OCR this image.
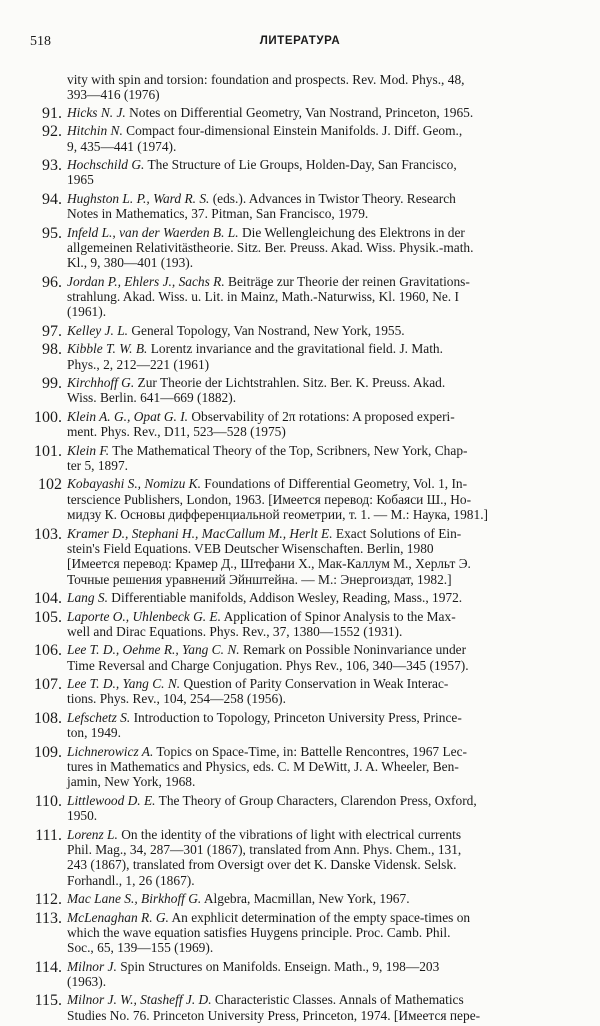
518	ЛИТЕРАТУРА
vity with spin and torsion: foundation and prospects. Rev. Mod. Phys., 48,
393—416 (1976)
91. Hicks N. J. Notes on Differential Geometry, Van Nostrand, Princeton, 1965.
92. Hitchin N. Compact four-dimensional Einstein Manifolds. J. Diff. Geom.,
9, 435—441 (1974).
93. Hochschild G. The Structure of Lie Groups, Holden-Day, San Francisco,
1965
94. Hughston L. P., Ward R. S. (eds.). Advances in Twistor Theory. Research
Notes in Mathematics, 37. Pitman, San Francisco, 1979.
95. Infeld L., van der Waerden B. L. Die Wellengleichung des Elektrons in der
allgemeinen Relativitästheorie. Sitz. Ber. Preuss. Akad. Wiss. Physik.-math.
Kl., 9, 380—401 (193).
96. Jordan P., Ehlers J., Sachs R. Beiträge zur Theorie der reinen Gravitations-
strahlung. Akad. Wiss. u. Lit. in Mainz, Math.-Naturwiss, Kl. 1960, Ne. I
(1961).
97. Kelley J. L. General Topology, Van Nostrand, New York, 1955.
98. Kibble T. W. B. Lorentz invariance and the gravitational field. J. Math.
Phys., 2, 212—221 (1961)
99. Kirchhoff G. Zur Theorie der Lichtstrahlen. Sitz. Ber. K. Preuss. Akad.
Wiss. Berlin. 641—669 (1882).
100. Klein A. G., Opat G. I. Observability of 2π rotations: A proposed experi-
ment. Phys. Rev., D11, 523—528 (1975)
101. Klein F. The Mathematical Theory of the Top, Scribners, New York, Chap-
ter 5, 1897.
102 Kobayashi S., Nomizu K. Foundations of Differential Geometry, Vol. 1, In-
terscience Publishers, London, 1963. [Имеется перевод: Кобаяси Ш., Но-
мидзу К. Основы дифференциальной геометрии, т. 1. — М.: Наука, 1981.]
103. Kramer D., Stephani H., MacCallum M., Herlt E. Exact Solutions of Ein-
stein's Field Equations. VEB Deutscher Wisenschaften. Berlin, 1980
[Имеется перевод: Крамер Д., Штефани Х., Мак-Каллум М., Херльт Э.
Точные решения уравнений Эйнштейна. — М.: Энергоиздат, 1982.]
104. Lang S. Differentiable manifolds, Addison Wesley, Reading, Mass., 1972.
105. Laporte O., Uhlenbeck G. E. Application of Spinor Analysis to the Max-
well and Dirac Equations. Phys. Rev., 37, 1380—1552 (1931).
106. Lee T. D., Oehme R., Yang C. N. Remark on Possible Noninvariance under
Time Reversal and Charge Conjugation. Phys Rev., 106, 340—345 (1957).
107. Lee T. D., Yang C. N. Question of Parity Conservation in Weak Interac-
tions. Phys. Rev., 104, 254—258 (1956).
108. Lefschetz S. Introduction to Topology, Princeton University Press, Prince-
ton, 1949.
109. Lichnerowicz A. Topics on Space-Time, in: Battelle Rencontres, 1967 Lec-
tures in Mathematics and Physics, eds. C. M DeWitt, J. A. Wheeler, Ben-
jamin, New York, 1968.
110. Littlewood D. E. The Theory of Group Characters, Clarendon Press, Oxford,
1950.
111. Lorenz L. On the identity of the vibrations of light with electrical currents
Phil. Mag., 34, 287—301 (1867), translated from Ann. Phys. Chem., 131,
243 (1867), translated from Oversigt over det K. Danske Vidensk. Selsk.
Forhandl., 1, 26 (1867).
112. Mac Lane S., Birkhoff G. Algebra, Macmillan, New York, 1967.
113. McLenaghan R. G. An exphlicit determination of the empty space-times on
which the wave equation satisfies Huygens principle. Proc. Camb. Phil.
Soc., 65, 139—155 (1969).
114. Milnor J. Spin Structures on Manifolds. Enseign. Math., 9, 198—203
(1963).
115. Milnor J. W., Stasheff J. D. Characteristic Classes. Annals of Mathematics
Studies No. 76. Princeton University Press, Princeton, 1974. [Имеется пере-
